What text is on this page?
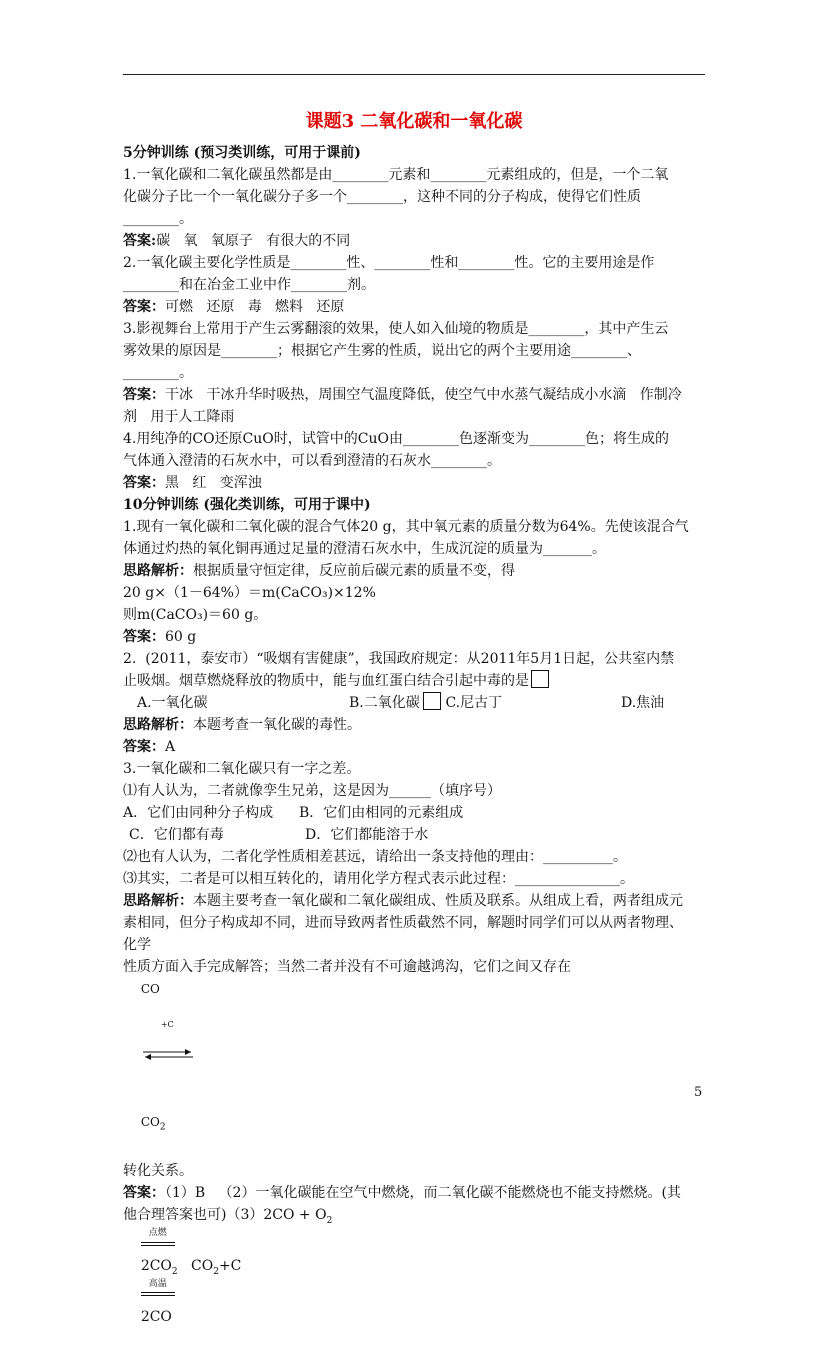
课题3 二氧化碳和一氧化碳
5分钟训练 (预习类训练，可用于课前)

1.一氧化碳和二氧化碳虽然都是由________元素和________元素组成的，但是，一个二氧

化碳分子比一个一氧化碳分子多一个________，这种不同的分子构成，使得它们性质

________。

答案:碳   氧   氧原子   有很大的不同

2.一氧化碳主要化学性质是________性、________性和________性。它的主要用途是作

________和在冶金工业中作________剂。

答案：可燃   还原   毒   燃料   还原

3.影视舞台上常用于产生云雾翻滚的效果，使人如入仙境的物质是________，其中产生云

雾效果的原因是________；根据它产生雾的性质，说出它的两个主要用途________、

________。

答案：干冰   干冰升华时吸热，周围空气温度降低，使空气中水蒸气凝结成小水滴   作制冷

剂   用于人工降雨

4.用纯净的CO还原CuO时，试管中的CuO由________色逐渐变为________色；将生成的

气体通入澄清的石灰水中，可以看到澄清的石灰水________。

答案：黑   红   变浑浊

10分钟训练 (强化类训练，可用于课中)

1.现有一氧化碳和二氧化碳的混合气体20 g，其中氧元素的质量分数为64%。先使该混合气

体通过灼热的氧化铜再通过足量的澄清石灰水中，生成沉淀的质量为_______。

思路解析：根据质量守恒定律，反应前后碳元素的质量不变，得

20 g×（1－64%）＝m(CaCO₃)×12%

则m(CaCO₃)＝60 g。

答案：60 g

2.  (2011，泰安市）“吸烟有害健康”，我国政府规定：从2011年5月1日起，公共室内禁

止吸烟。烟草燃烧释放的物质中，能与血红蛋白结合引起中毒的是

A.一氧化碳	B.二氧化碳	C.尼古丁	D.焦油

思路解析：本题考查一氧化碳的毒性。

答案：A

3.一氧化碳和二氧化碳只有一字之差。

⑴有人认为，二者就像孪生兄弟，这是因为______（填序号）

A．它们由同种分子构成	B．它们由相同的元素组成
C．它们都有毒	D．它们都能溶于水

⑵也有人认为，二者化学性质相差甚远，请给出一条支持他的理由：__________。

⑶其实，二者是可以相互转化的，请用化学方程式表示此过程：_______________。

思路解析：本题主要考查一氧化碳和二氧化碳组成、性质及联系。从组成上看，两者组成元

素相同，但分子构成却不同，进而导致两者性质截然不同，解题时同学们可以从两者物理、

化学

性质方面入手完成解答；当然二者并没有不可逾越鸿沟，它们之间又存在
CO

+C

$CO_2$

转化关系。

答案：（1）B   （2）一氧化碳能在空气中燃烧，而二氧化碳不能燃烧也不能支持燃烧。(其

他合理答案也可)$(3)2CO + O_2$

点燃

$2CO_2$   $CO_2+C$

高温

2CO

5
